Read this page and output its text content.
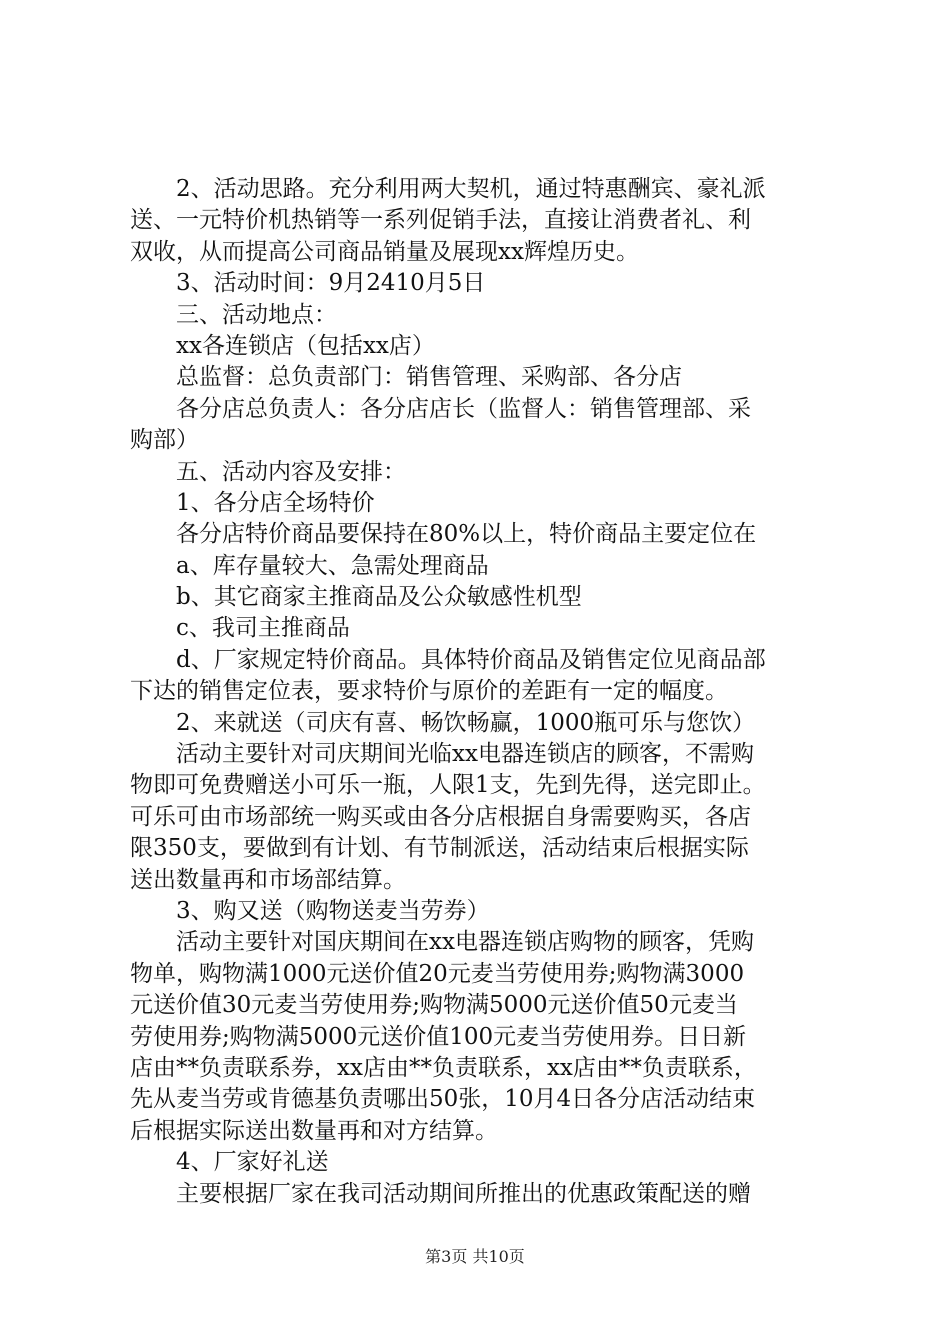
2、活动思路。充分利用两大契机，通过特惠酬宾、豪礼派
送、一元特价机热销等一系列促销手法，直接让消费者礼、利
双收，从而提高公司商品销量及展现xx辉煌历史。
3、活动时间：9月2410月5日
三、活动地点：
xx各连锁店（包括xx店）
总监督：总负责部门：销售管理、采购部、各分店
各分店总负责人：各分店店长（监督人：销售管理部、采
购部）
五、活动内容及安排：
1、各分店全场特价
各分店特价商品要保持在80%以上，特价商品主要定位在
a、库存量较大、急需处理商品
b、其它商家主推商品及公众敏感性机型
c、我司主推商品
d、厂家规定特价商品。具体特价商品及销售定位见商品部
下达的销售定位表，要求特价与原价的差距有一定的幅度。
2、来就送（司庆有喜、畅饮畅赢，1000瓶可乐与您饮）
活动主要针对司庆期间光临xx电器连锁店的顾客，不需购
物即可免费赠送小可乐一瓶，人限1支，先到先得，送完即止。
可乐可由市场部统一购买或由各分店根据自身需要购买，各店
限350支，要做到有计划、有节制派送，活动结束后根据实际
送出数量再和市场部结算。
3、购又送（购物送麦当劳券）
活动主要针对国庆期间在xx电器连锁店购物的顾客，凭购
物单，购物满1000元送价值20元麦当劳使用券;购物满3000
元送价值30元麦当劳使用券;购物满5000元送价值50元麦当
劳使用券;购物满5000元送价值100元麦当劳使用券。日日新
店由**负责联系券，xx店由**负责联系，xx店由**负责联系，
先从麦当劳或肯德基负责哪出50张，10月4日各分店活动结束
后根据实际送出数量再和对方结算。
4、厂家好礼送
主要根据厂家在我司活动期间所推出的优惠政策配送的赠
第3页 共10页
